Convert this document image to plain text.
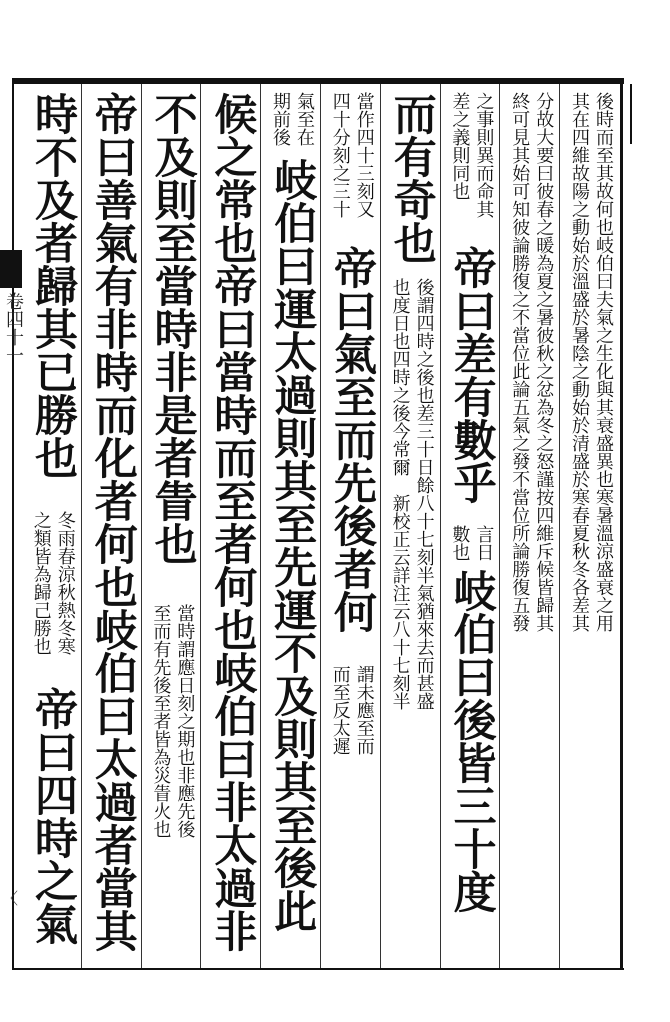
卷四十一
〈
後時而至其故何也岐伯曰夫氣之生化與其衰盛異也寒暑溫涼盛衰之用
其在四維故陽之動始於溫盛於暑陰之動始於清盛於寒春夏秋冬各差其
分故大要曰彼春之暖為夏之暑彼秋之忿為冬之怒謹按四維斥候皆歸其
終可見其始可知彼論勝復之不當位此論五氣之發不當位所論勝復五發
之事則異而命其
差之義則同也
帝曰差有數乎
言日
數也
岐伯曰後皆三十度
而有奇也
後謂四時之後也差三十日餘八十七刻半氣猶來去而甚盛
也度日也四時之後今常爾　新校正云詳注云八十七刻半
當作四十三刻又
四十分刻之三十
帝曰氣至而先後者何
謂未應至而
而至反太遲
氣至在
期前後
岐伯曰運太過則其至先運不及則其至後此
候之常也帝曰當時而至者何也岐伯曰非太過非
不及則至當時非是者眚也
當時謂應日刻之期也非應先後
至而有先後至者皆為災眚火也
帝曰善氣有非時而化者何也岐伯曰太過者當其
時不及者歸其已勝也
冬雨春涼秋熱冬寒
之類皆為歸己勝也
帝曰四時之氣
